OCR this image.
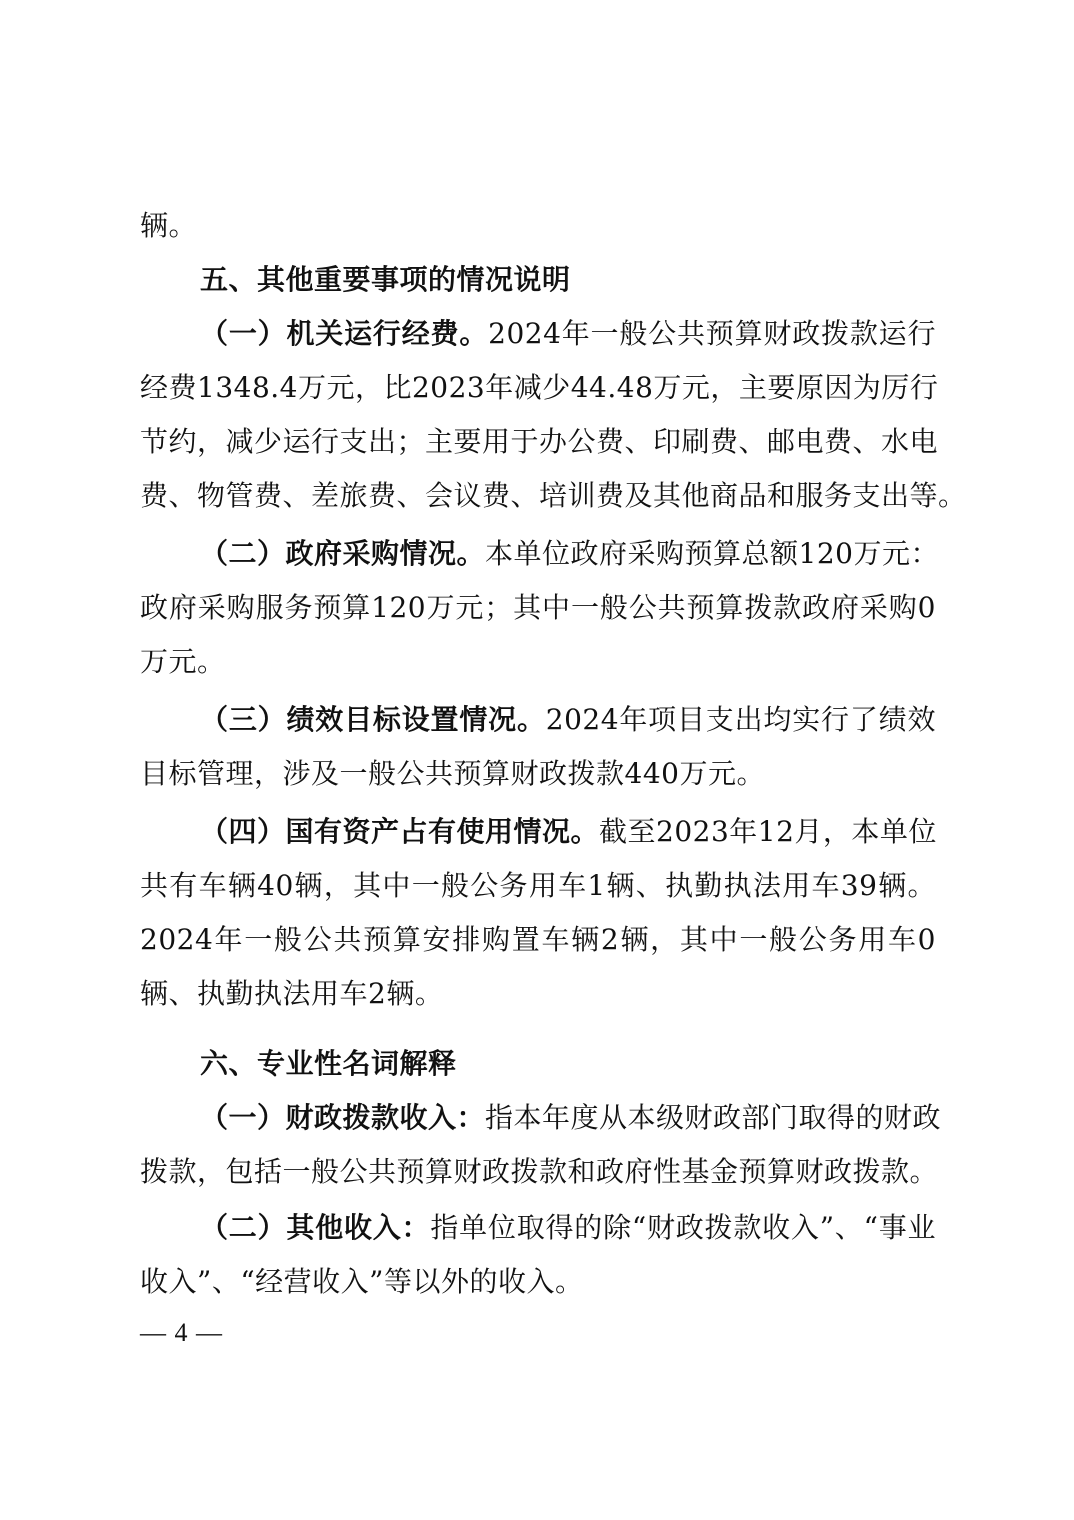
辆。
五、其他重要事项的情况说明
（一）机关运行经费。2024年一般公共预算财政拨款运行
经费1348.4万元，比2023年减少44.48万元，主要原因为厉行
节约，减少运行支出；主要用于办公费、印刷费、邮电费、水电
费、物管费、差旅费、会议费、培训费及其他商品和服务支出等。
（二）政府采购情况。本单位政府采购预算总额120万元：
政府采购服务预算120万元；其中一般公共预算拨款政府采购0
万元。
（三）绩效目标设置情况。2024年项目支出均实行了绩效
目标管理，涉及一般公共预算财政拨款440万元。
（四）国有资产占有使用情况。截至2023年12月，本单位
共有车辆40辆，其中一般公务用车1辆、执勤执法用车39辆。
2024年一般公共预算安排购置车辆2辆，其中一般公务用车0
辆、执勤执法用车2辆。
六、专业性名词解释
（一）财政拨款收入：指本年度从本级财政部门取得的财政
拨款，包括一般公共预算财政拨款和政府性基金预算财政拨款。
（二）其他收入：指单位取得的除“财政拨款收入”、“事业
收入”、“经营收入”等以外的收入。
— 4 —
